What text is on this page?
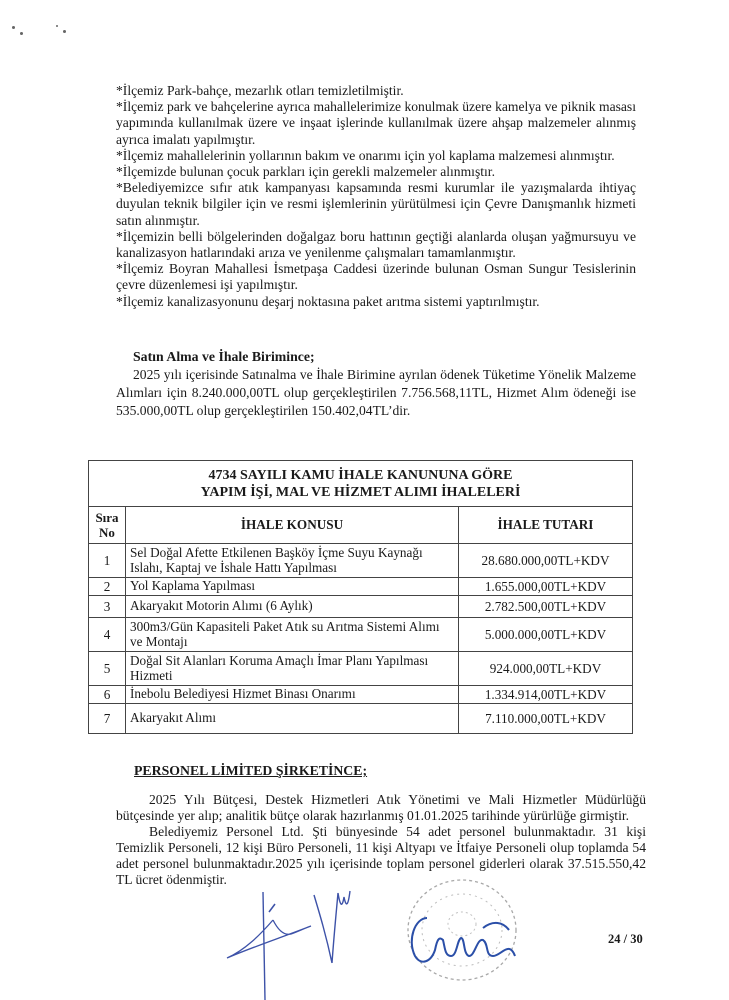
*İlçemiz Park-bahçe, mezarlık otları temizletilmiştir.

*İlçemiz park ve bahçelerine ayrıca mahallelerimize konulmak üzere kamelya ve piknik masası yapımında kullanılmak üzere ve inşaat işlerinde kullanılmak üzere ahşap malzemeler alınmış ayrıca imalatı yapılmıştır.

*İlçemiz mahallelerinin yollarının bakım ve onarımı için yol kaplama malzemesi alınmıştır.

*İlçemizde bulunan çocuk parkları için gerekli malzemeler alınmıştır.

*Belediyemizce sıfır atık kampanyası kapsamında resmi kurumlar ile yazışmalarda ihtiyaç duyulan teknik bilgiler için ve resmi işlemlerinin yürütülmesi için Çevre Danışmanlık hizmeti satın alınmıştır.

*İlçemizin belli bölgelerinden doğalgaz boru hattının geçtiği alanlarda oluşan yağmursuyu ve kanalizasyon hatlarındaki arıza ve yenilenme çalışmaları tamamlanmıştır.

*İlçemiz Boyran Mahallesi İsmetpaşa Caddesi üzerinde bulunan Osman Sungur Tesislerinin çevre düzenlemesi işi yapılmıştır.

*İlçemiz kanalizasyonunu deşarj noktasına paket arıtma sistemi yaptırılmıştır.

Satın Alma ve İhale Birimince;
2025 yılı içerisinde Satınalma ve İhale Birimine ayrılan ödenek Tüketime Yönelik Malzeme Alımları için 8.240.000,00TL olup gerçekleştirilen 7.756.568,11TL, Hizmet Alım ödeneği ise 535.000,00TL olup gerçekleştirilen 150.402,04TL’dir.
4734 SAYILI KAMU İHALE KANUNUNA GÖRE
YAPIM İŞİ, MAL VE HİZMET ALIMI İHALELERİ		
Sıra No	İHALE KONUSU	İHALE TUTARI
1	Sel Doğal Afette Etkilenen Başköy İçme Suyu Kaynağı Islahı, Kaptaj ve İshale Hattı Yapılması	28.680.000,00TL+KDV
2	Yol Kaplama Yapılması	1.655.000,00TL+KDV
3	Akaryakıt Motorin Alımı (6 Aylık)	2.782.500,00TL+KDV
4	300m3/Gün Kapasiteli Paket Atık su Arıtma Sistemi Alımı ve Montajı	5.000.000,00TL+KDV
5	Doğal Sit Alanları Koruma Amaçlı İmar Planı Yapılması Hizmeti	924.000,00TL+KDV
6	İnebolu Belediyesi Hizmet Binası Onarımı	1.334.914,00TL+KDV
7	Akaryakıt Alımı	7.110.000,00TL+KDV
PERSONEL LİMİTED ŞİRKETİNCE;

2025 Yılı Bütçesi, Destek Hizmetleri Atık Yönetimi ve Mali Hizmetler Müdürlüğü bütçesinde yer alıp; analitik bütçe olarak hazırlanmış 01.01.2025 tarihinde yürürlüğe girmiştir.

Belediyemiz Personel Ltd. Şti bünyesinde 54 adet personel bulunmaktadır. 31 kişi Temizlik Personeli, 12 kişi Büro Personeli, 11 kişi Altyapı ve İtfaiye Personeli olup toplamda 54 adet personel bulunmaktadır.2025 yılı içerisinde toplam personel giderleri olarak 37.515.550,42 TL ücret ödenmiştir.

24 / 30
